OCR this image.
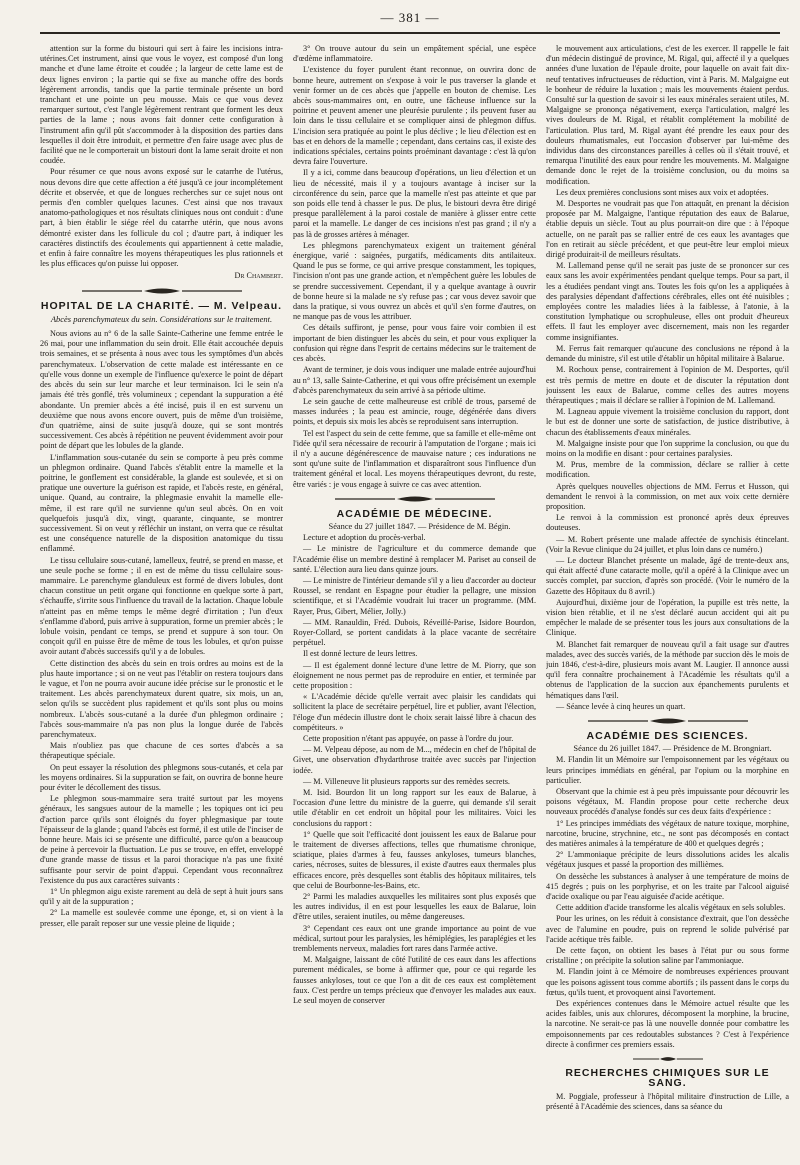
— 381 —

attention sur la forme du bistouri qui sert à faire les incisions intra-utérines.Cet instrument, ainsi que vous le voyez, est composé d'un long manche et d'une lame étroite et coudée ; la largeur de cette lame est de deux lignes environ ; la partie qui se fixe au manche offre des bords légèrement arrondis, tandis que la partie terminale présente un bord tranchant et une pointe un peu mousse. Mais ce que vous devez remarquer surtout, c'est l'angle légèrement rentrant que forment les deux parties de la lame ; nous avons fait donner cette configuration à l'instrument afin qu'il pût s'accommoder à la disposition des parties dans lesquelles il doit être introduit, et permettre d'en faire usage avec plus de facilité que ne le comporterait un bistouri dont la lame serait droite et non coudée.

Pour résumer ce que nous avons exposé sur le catarrhe de l'utérus, nous devons dire que cette affection a été jusqu'à ce jour incomplétement décrite et observée, et que de longues recherches sur ce sujet nous ont permis d'en combler quelques lacunes. C'est ainsi que nos travaux anatomo-pathologiques et nos résultats cliniques nous ont conduit : d'une part, à bien établir le siége réel du catarrhe utérin, que nous avons démontré exister dans les follicule du col ; d'autre part, à indiquer les caractères distinctifs des écoulements qui appartiennent à cette maladie, et enfin à faire connaître les moyens thérapeutiques les plus rationnels et les plus efficaces qu'on puisse lui opposer.

Dr Chambert.
HOPITAL DE LA CHARITÉ. — M. Velpeau.
Abcès parenchymateux du sein. Considérations sur le traitement.

Nous avions au n° 6 de la salle Sainte-Catherine une femme entrée le 26 mai, pour une inflammation du sein droit. Elle était accouchée depuis trois semaines, et se présenta à nous avec tous les symptômes d'un abcès parenchymateux. L'observation de cette malade est intéressante en ce qu'elle vous donne un exemple de l'influence qu'exerce le point de départ des abcès du sein sur leur marche et leur terminaison. Ici le sein n'a jamais été très gonflé, très volumineux ; cependant la suppuration a été abondante. Un premier abcès a été incisé, puis il en est survenu un deuxième que nous avons encore ouvert, puis de même d'un troisième, d'un quatrième, ainsi de suite jusqu'à douze, qui se sont montrés successivement. Ces abcès à répétition ne peuvent évidemment avoir pour point de départ que les lobules de la glande.

L'inflammation sous-cutanée du sein se comporte à peu près comme un phlegmon ordinaire. Quand l'abcès s'établit entre la mamelle et la poitrine, le gonflement est considérable, la glande est soulevée, et si on pratique une ouverture la guérison est rapide, et l'abcès reste, en général, unique. Quand, au contraire, la phlegmasie envahit la mamelle elle-même, il est rare qu'il ne survienne qu'un seul abcès. On en voit quelquefois jusqu'à dix, vingt, quarante, cinquante, se montrer successivement. Si on veut y réfléchir un instant, on verra que ce résultat est une conséquence naturelle de la disposition anatomique du tissu enflammé.

Le tissu cellulaire sous-cutané, lamelleux, feutré, se prend en masse, et une seule poche se forme ; il en est de même du tissu cellulaire sous-mammaire. Le parenchyme glanduleux est formé de divers lobules, dont chacun constitue un petit organe qui fonctionne en quelque sorte à part, s'échauffe, s'irrite sous l'influence du travail de la lactation. Chaque lobule n'atteint pas en même temps le même degré d'irritation ; l'un d'eux s'enflamme d'abord, puis arrive à suppuration, forme un premier abcès ; le lobule voisin, pendant ce temps, se prend et suppure à son tour. On conçoit qu'il en puisse être de même de tous les lobules, et qu'on puisse avoir autant d'abcès successifs qu'il y a de lobules.

Cette distinction des abcès du sein en trois ordres au moins est de la plus haute importance ; si on ne veut pas l'établir on restera toujours dans le vague, et l'on ne pourra avoir aucune idée précise sur le pronostic et le traitement. Les abcès parenchymateux durent quatre, six mois, un an, selon qu'ils se succèdent plus rapidement et qu'ils sont plus ou moins nombreux. L'abcès sous-cutané a la durée d'un phlegmon ordinaire ; l'abcès sous-mammaire n'a pas non plus la longue durée de l'abcès parenchymateux.

Mais n'oubliez pas que chacune de ces sortes d'abcès a sa thérapeutique spéciale.

On peut essayer la résolution des phlegmons sous-cutanés, et cela par les moyens ordinaires. Si la suppuration se fait, on ouvrira de bonne heure pour éviter le décollement des tissus.

Le phlegmon sous-mammaire sera traité surtout par les moyens généraux, les sangsues autour de la mamelle ; les topiques ont ici peu d'action parce qu'ils sont éloignés du foyer phlegmasique par toute l'épaisseur de la glande ; quand l'abcès est formé, il est utile de l'inciser de bonne heure. Mais ici se présente une difficulté, parce qu'on a beaucoup de peine à percevoir la fluctuation. Le pus se trouve, en effet, enveloppé d'une grande masse de tissus et la paroi thoracique n'a pas une fixité suffisante pour servir de point d'appui. Cependant vous reconnaîtrez l'existence du pus aux caractères suivants :

1° Un phlegmon aigu existe rarement au delà de sept à huit jours sans qu'il y ait de la suppuration ;

2° La mamelle est soulevée comme une éponge, et, si on vient à la presser, elle paraît reposer sur une vessie pleine de liquide ;

3° On trouve autour du sein un empâtement spécial, une espèce d'œdème inflammatoire.

L'existence du foyer purulent étant reconnue, on ouvrira donc de bonne heure, autrement on s'expose à voir le pus traverser la glande et venir former un de ces abcès que j'appelle en bouton de chemise. Les abcès sous-mammaires ont, en outre, une fâcheuse influence sur la poitrine et peuvent amener une pleurésie purulente ; ils peuvent fuser au loin dans le tissu cellulaire et se compliquer ainsi de phlegmon diffus. L'incision sera pratiquée au point le plus déclive ; le lieu d'élection est en bas et en dehors de la mamelle ; cependant, dans certains cas, il existe des indications spéciales, certains points proéminant davantage : c'est là qu'on devra faire l'ouverture.

Il y a ici, comme dans beaucoup d'opérations, un lieu d'élection et un lieu de nécessité, mais il y a toujours avantage à inciser sur la circonférence du sein, parce que la mamelle n'est pas atteinte et que par son poids elle tend à chasser le pus. De plus, le bistouri devra être dirigé presque parallèlement à la paroi costale de manière à glisser entre cette paroi et la mamelle. Le danger de ces incisions n'est pas grand ; il n'y a pas là de grosses artères à ménager.

Les phlegmons parenchymateux exigent un traitement général énergique, varié : saignées, purgatifs, médicaments dits antilaiteux. Quand le pus se forme, ce qui arrive presque constamment, les topiques, l'incision n'ont pas une grande action, et n'empêchent guère les lobules de se prendre successivement. Cependant, il y a quelque avantage à ouvrir de bonne heure si la malade ne s'y refuse pas ; car vous devez savoir que dans la pratique, si vous ouvrez un abcès et qu'il s'en forme d'autres, on ne manque pas de vous les attribuer.

Ces détails suffiront, je pense, pour vous faire voir combien il est important de bien distinguer les abcès du sein, et pour vous expliquer la confusion qui règne dans l'esprit de certains médecins sur le traitement de ces abcès.

Avant de terminer, je dois vous indiquer une malade entrée aujourd'hui au n° 13, salle Sainte-Catherine, et qui vous offre précisément un exemple d'abcès parenchymateux du sein arrivé à sa période ultime.

Le sein gauche de cette malheureuse est criblé de trous, parsemé de masses indurées ; la peau est amincie, rouge, dégénérée dans divers points, et depuis six mois les abcès se reproduisent sans interruption.

Tel est l'aspect du sein de cette femme, que sa famille et elle-même ont l'idée qu'il sera nécessaire de recourir à l'amputation de l'organe ; mais ici il n'y a aucune dégénérescence de mauvaise nature ; ces indurations ne sont qu'une suite de l'inflammation et disparaîtront sous l'influence d'un traitement général et local. Les moyens thérapeutiques devront, du reste, être variés : je vous engage à suivre ce cas avec attention.

ACADÉMIE DE MÉDECINE.

Séance du 27 juillet 1847. — Présidence de M. Bégin.

Lecture et adoption du procès-verbal.

— Le ministre de l'agriculture et du commerce demande que l'Académie élise un membre destiné à remplacer M. Pariset au conseil de santé. L'élection aura lieu dans quinze jours.

— Le ministre de l'intérieur demande s'il y a lieu d'accorder au docteur Roussel, se rendant en Espagne pour étudier la pellagre, une mission scientifique, et si l'Académie voudrait lui tracer un programme. (MM. Rayer, Prus, Gibert, Mélier, Jolly.)

— MM. Ranauldin, Fréd. Dubois, Réveillé-Parise, Isidore Bourdon, Royer-Collard, se portent candidats à la place vacante de secrétaire perpétuel.

Il est donné lecture de leurs lettres.

— Il est également donné lecture d'une lettre de M. Piorry, que son éloignement ne nous permet pas de reproduire en entier, et terminée par cette proposition :

« L'Académie décide qu'elle verrait avec plaisir les candidats qui sollicitent la place de secrétaire perpétuel, lire et publier, avant l'élection, l'éloge d'un médecin illustre dont le choix serait laissé libre à chacun des compétiteurs. »

Cette proposition n'étant pas appuyée, on passe à l'ordre du jour.

— M. Velpeau dépose, au nom de M..., médecin en chef de l'hôpital de Givet, une observation d'hydarthrose traitée avec succès par l'injection iodée.

— M. Villeneuve lit plusieurs rapports sur des remèdes secrets.

M. Isid. Bourdon lit un long rapport sur les eaux de Balarue, à l'occasion d'une lettre du ministre de la guerre, qui demande s'il serait utile d'établir en cet endroit un hôpital pour les militaires. Voici les conclusions du rapport :

1° Quelle que soit l'efficacité dont jouissent les eaux de Balarue pour le traitement de diverses affections, telles que rhumatisme chronique, sciatique, plaies d'armes à feu, fausses ankyloses, tumeurs blanches, caries, nécroses, suites de blessures, il existe d'autres eaux thermales plus efficaces encore, près desquelles sont établis des hôpitaux militaires, tels que celui de Bourbonne-les-Bains, etc.

2° Parmi les maladies auxquelles les militaires sont plus exposés que les autres individus, il en est pour lesquelles les eaux de Balarue, loin d'être utiles, seraient inutiles, ou même dangereuses.

3° Cependant ces eaux ont une grande importance au point de vue médical, surtout pour les paralysies, les hémiplégies, les paraplégies et les tremblements nerveux, maladies fort rares dans l'armée active.

M. Malgaigne, laissant de côté l'utilité de ces eaux dans les affections purement médicales, se borne à affirmer que, pour ce qui regarde les fausses ankyloses, tout ce que l'on a dit de ces eaux est complètement faux. C'est perdre un temps précieux que d'envoyer les malades aux eaux. Le seul moyen de conserver

le mouvement aux articulations, c'est de les exercer. Il rappelle le fait d'un médecin distingué de province, M. Rigal, qui, affecté il y a quelques années d'une luxation de l'épaule droite, pour laquelle on avait fait dix-neuf tentatives infructueuses de réduction, vint à Paris. M. Malgaigne eut le bonheur de réduire la luxation ; mais les mouvements étaient perdus. Consulté sur la question de savoir si les eaux minérales seraient utiles, M. Malgaigne se prononça négativement, exerça l'articulation, malgré les vives douleurs de M. Rigal, et rétablit complétement la mobilité de l'articulation. Plus tard, M. Rigal ayant été prendre les eaux pour des douleurs rhumatismales, eut l'occasion d'observer par lui-même des individus dans des circonstances pareilles à celles où il s'était trouvé, et remarqua l'inutilité des eaux pour rendre les mouvements. M. Malgaigne demande donc le rejet de la troisième conclusion, ou du moins sa modification.

Les deux premières conclusions sont mises aux voix et adoptées.

M. Desportes ne voudrait pas que l'on attaquât, en prenant la décision proposée par M. Malgaigne, l'antique réputation des eaux de Balarue, établie depuis un siècle. Tout au plus pourrait-on dire que : à l'époque actuelle, on ne paraît pas se rallier entré de ces eaux les avantages que l'on en retirait au siècle précédent, et que peut-être leur emploi mieux dirigé produirait-il de meilleurs résultats.

M. Lallemand pense qu'il ne serait pas juste de se prononcer sur ces eaux sans les avoir expérimentées pendant quelque temps. Pour sa part, il les a étudiées pendant vingt ans. Toutes les fois qu'on les a appliquées à des paralysies dépendant d'affections cérébrales, elles ont été nuisibles ; employées contre les maladies liées à la faiblesse, à l'atonie, à la constitution lymphatique ou scrophuleuse, elles ont produit d'heureux effets. Il faut les employer avec discernement, mais non les regarder comme insignifiantes.

M. Ferrus fait remarquer qu'aucune des conclusions ne répond à la demande du ministre, s'il est utile d'établir un hôpital militaire à Balarue.

M. Rochoux pense, contrairement à l'opinion de M. Desportes, qu'il est très permis de mettre en doute et de discuter la réputation dont jouissent les eaux de Balarue, comme celles des autres moyens thérapeutiques ; mais il déclare se rallier à l'opinion de M. Lallemand.

M. Lagneau appuie vivement la troisième conclusion du rapport, dont le but est de donner une sorte de satisfaction, de justice distributive, à chacun des établissements d'eaux minérales.

M. Malgaigne insiste pour que l'on supprime la conclusion, ou que du moins on la modifie en disant : pour certaines paralysies.

M. Prus, membre de la commission, déclare se rallier à cette modification.

Après quelques nouvelles objections de MM. Ferrus et Husson, qui demandent le renvoi à la commission, on met aux voix cette dernière proposition.

Le renvoi à la commission est prononcé après deux épreuves douteuses.

— M. Robert présente une malade affectée de synchisis étincelant. (Voir la Revue clinique du 24 juillet, et plus loin dans ce numéro.)

— Le docteur Blanchet présente un malade, âgé de trente-deux ans, qui était affecté d'une cataracte molle, qu'il a opéré à la Clinique avec un succès complet, par succion, d'après son procédé. (Voir le numéro de la Gazette des Hôpitaux du 8 avril.)

Aujourd'hui, dixième jour de l'opération, la pupille est très nette, la vision bien rétablie, et il ne s'est déclaré aucun accident qui ait pu empêcher le malade de se présenter tous les jours aux consultations de la Clinique.

M. Blanchet fait remarquer de nouveau qu'il a fait usage sur d'autres malades, avec des succès variés, de la méthode par succion dès le mois de juin 1846, c'est-à-dire, plusieurs mois avant M. Laugier. Il annonce aussi qu'il fera connaître prochainement à l'Académie les résultats qu'il a obtenus de l'application de la succion aux épanchements purulents et hématiques dans l'œil.

— Séance levée à cinq heures un quart.

ACADÉMIE DES SCIENCES.

Séance du 26 juillet 1847. — Présidence de M. Brongniart.

M. Flandin lit un Mémoire sur l'empoisonnement par les végétaux ou leurs principes immédiats en général, par l'opium ou la morphine en particulier.

Observant que la chimie est à peu près impuissante pour découvrir les poisons végétaux, M. Flandin propose pour cette recherche deux nouveaux procédés d'analyse fondés sur ces deux faits d'expérience :

1° Les principes immédiats des végétaux de nature toxique, morphine, narcotine, brucine, strychnine, etc., ne sont pas décomposés en contact des matières animales à la température de 400 et quelques degrés ;

2° L'ammoniaque précipite de leurs dissolutions acides les alcalis végétaux jusques et passé la proportion des millièmes.

On dessèche les substances à analyser à une température de moins de 415 degrés ; puis on les porphyrise, et on les traite par l'alcool aiguisé d'acide oxalique ou par l'eau aiguisée d'acide acétique.

Cette addition d'acide transforme les alcalis végétaux en sels solubles.

Pour les urines, on les réduit à consistance d'extrait, que l'on dessèche avec de l'alumine en poudre, puis on reprend le solide pulvérisé par l'acide acétique très faible.

De cette façon, on obtient les bases à l'état pur ou sous forme cristalline ; on précipite la solution saline par l'ammoniaque.

M. Flandin joint à ce Mémoire de nombreuses expériences prouvant que les poisons agissent tous comme abortifs ; ils passent dans le corps du fœtus, qu'ils tuent, et provoquent ainsi l'avortement.

Des expériences contenues dans le Mémoire actuel résulte que les acides faibles, unis aux chlorures, décomposent la morphine, la brucine, la narcotine. Ne serait-ce pas là une nouvelle donnée pour combattre les empoisonnements par ces redoutables substances ? C'est à l'expérience directe à confirmer ces premiers essais.

RECHERCHES CHIMIQUES SUR LE SANG.

M. Poggiale, professeur à l'hôpital militaire d'instruction de Lille, a présenté à l'Académie des sciences, dans sa séance du
